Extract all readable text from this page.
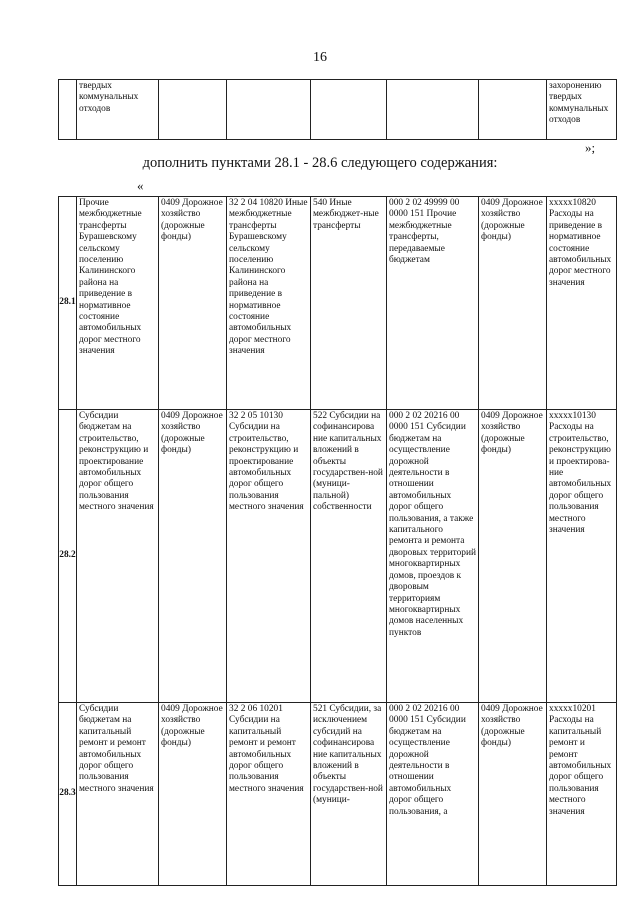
16
	твердых коммунальных отходов						захоронению твердых коммунальных отходов
»;
дополнить пунктами 28.1 - 28.6 следующего содержания:
«
28.1	Прочие межбюджетные трансферты Бурашевскому сельскому поселению Калининского района на приведение в нормативное состояние автомобильных дорог местного значения	0409 Дорожное хозяйство (дорожные фонды)	32 2 04 10820 Иные межбюджетные трансферты Бурашевскому сельскому поселению Калининского района на приведение в нормативное состояние автомобильных дорог местного значения	540 Иные межбюджет-ные трансферты	000 2 02 49999 00 0000 151 Прочие межбюджетные трансферты, передаваемые бюджетам	0409 Дорожное хозяйство (дорожные фонды)	xxxxx10820 Расходы на приведение в нормативное состояние автомобильных дорог местного значения
28.2	Субсидии бюджетам на строительство, реконструкцию и проектирование автомобильных дорог общего пользования местного значения	0409 Дорожное хозяйство (дорожные фонды)	32 2 05 10130 Субсидии на строительство, реконструкцию и проектирование автомобильных дорог общего пользования местного значения	522 Субсидии на софинансирова ние капитальных вложений в объекты государствен-ной (муници-пальной) собственности	000 2 02 20216 00 0000 151 Субсидии бюджетам на осуществление дорожной деятельности в отношении автомобильных дорог общего пользования, а также капитального ремонта и ремонта дворовых территорий многоквартирных домов, проездов к дворовым территориям многоквартирных домов населенных пунктов	0409 Дорожное хозяйство (дорожные фонды)	xxxxx10130 Расходы на строительство, реконструкцию и проектирова-ние автомобильных дорог общего пользования местного значения
28.3	Субсидии бюджетам на капитальный ремонт и ремонт автомобильных дорог общего пользования местного значения	0409 Дорожное хозяйство (дорожные фонды)	32 2 06 10201 Субсидии на капитальный ремонт и ремонт автомобильных дорог общего пользования местного значения	521 Субсидии, за исключением субсидий на софинансирова ние капитальных вложений в объекты государствен-ной (муници-	000 2 02 20216 00 0000 151 Субсидии бюджетам на осуществление дорожной деятельности в отношении автомобильных дорог общего пользования, а	0409 Дорожное хозяйство (дорожные фонды)	xxxxx10201 Расходы на капитальный ремонт и ремонт автомобильных дорог общего пользования местного значения
